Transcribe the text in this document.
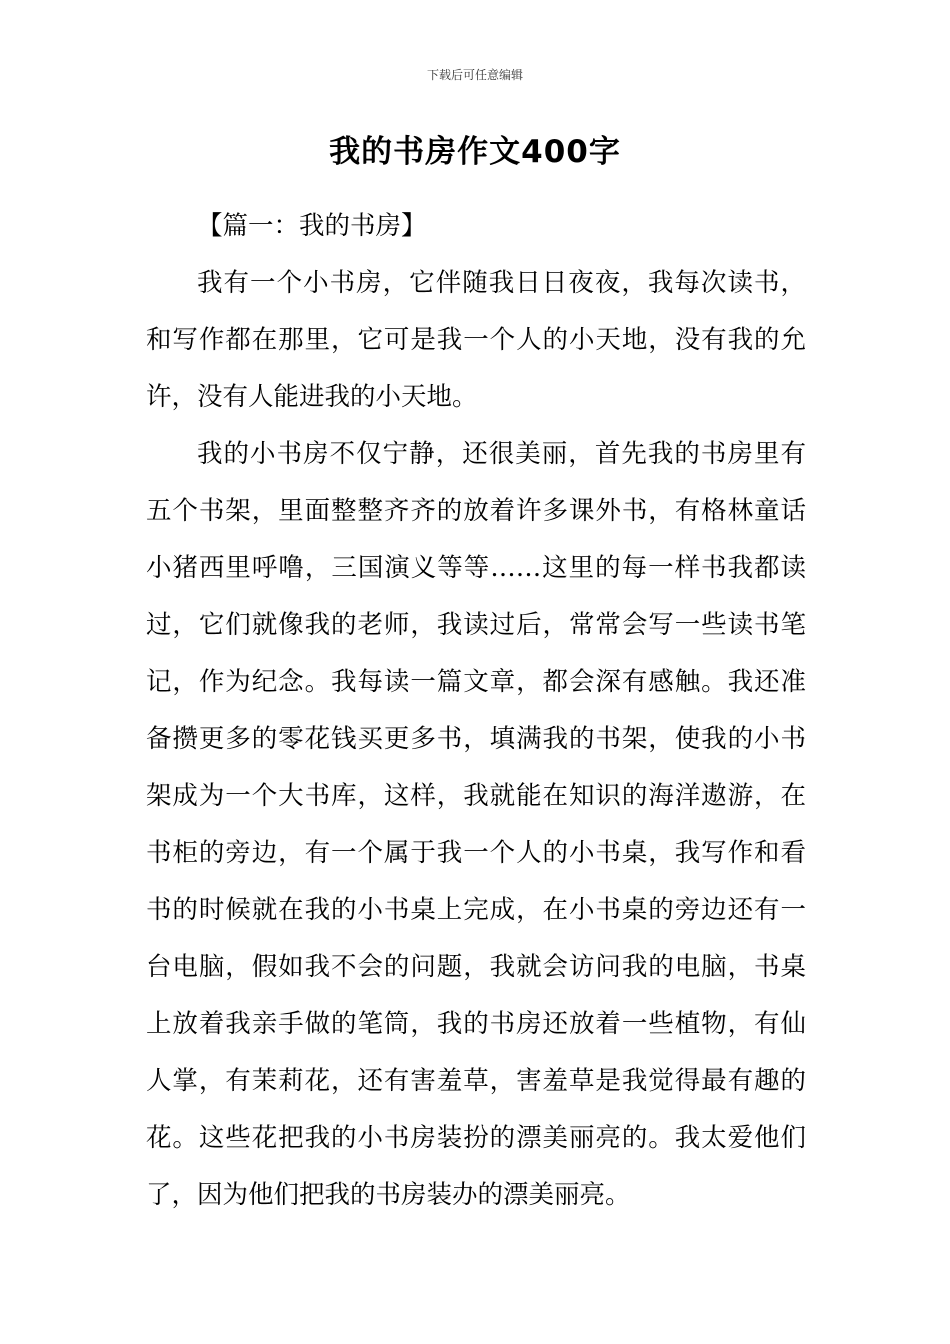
下载后可任意编辑
我的书房作文400字

【篇一：我的书房】

我有一个小书房，它伴随我日日夜夜，我每次读书，和写作都在那里，它可是我一个人的小天地，没有我的允许，没有人能进我的小天地。

我的小书房不仅宁静，还很美丽，首先我的书房里有五个书架，里面整整齐齐的放着许多课外书，有格林童话小猪西里呼噜，三国演义等等……这里的每一样书我都读过，它们就像我的老师，我读过后，常常会写一些读书笔记，作为纪念。我每读一篇文章，都会深有感触。我还准备攒更多的零花钱买更多书，填满我的书架，使我的小书架成为一个大书库，这样，我就能在知识的海洋遨游，在书柜的旁边，有一个属于我一个人的小书桌，我写作和看书的时候就在我的小书桌上完成，在小书桌的旁边还有一台电脑，假如我不会的问题，我就会访问我的电脑，书桌上放着我亲手做的笔筒，我的书房还放着一些植物，有仙人掌，有茉莉花，还有害羞草，害羞草是我觉得最有趣的花。这些花把我的小书房装扮的漂美丽亮的。我太爱他们了，因为他们把我的书房装办的漂美丽亮。
